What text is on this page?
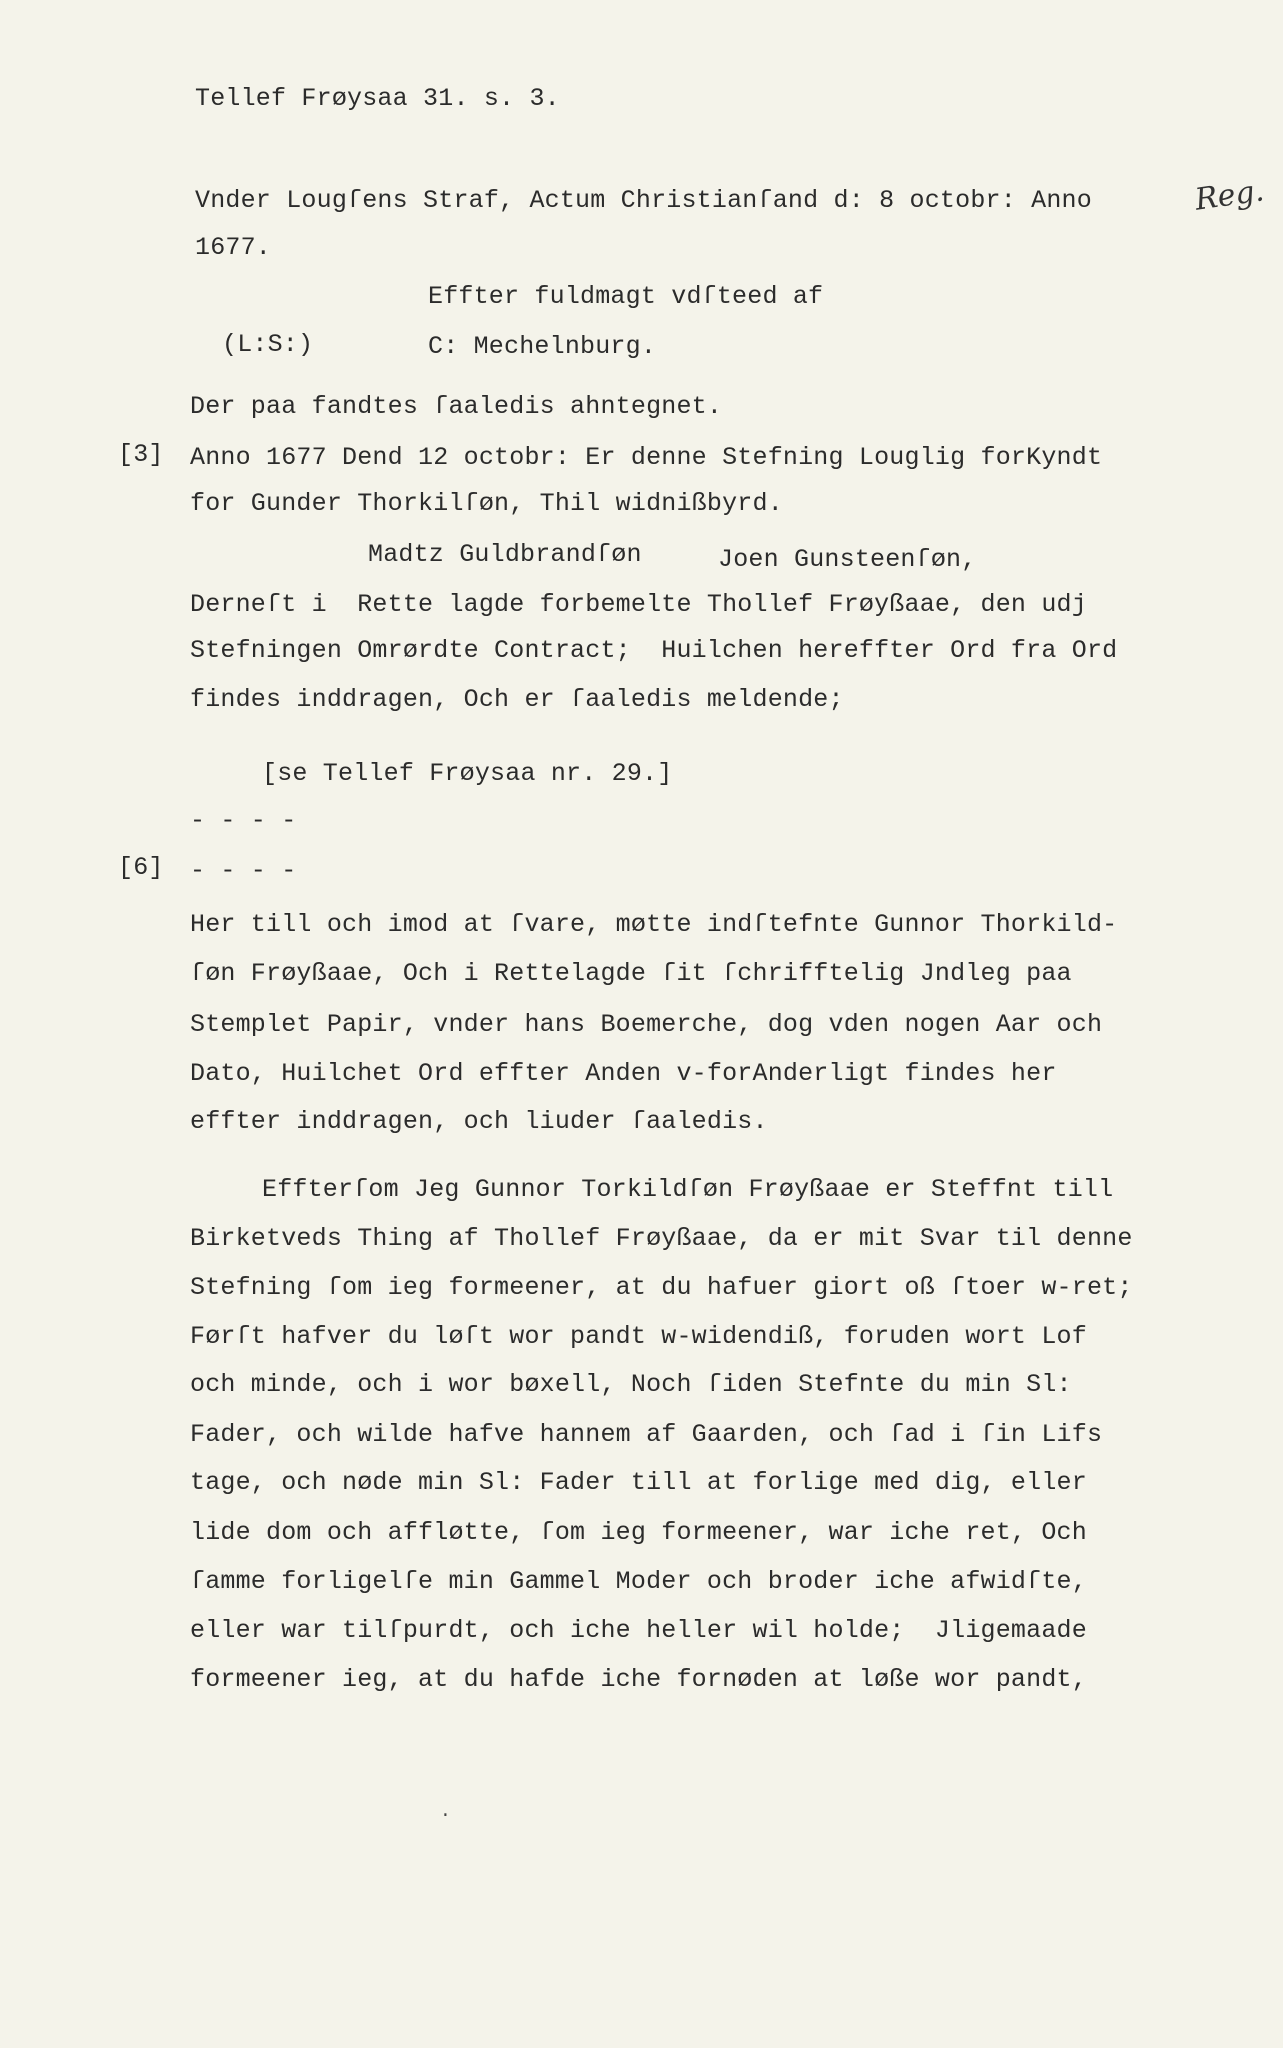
Tellef Frøysaa 31. s. 3.
Reg.
Vnder Lougſens Straf, Actum Christianſand d: 8 octobr: Anno
1677.
Effter fuldmagt vdſteed af
(L:S:)	C: Mechelnburg.
Der paa fandtes ſaaledis ahntegnet.
[3] Anno 1677 Dend 12 octobr: Er denne Stefning Louglig forKyndt
for Gunder Thorkilſøn, Thil widnißbyrd.
Madtz Guldbrandſøn	Joen Gunsteenſøn,
Derneſt i  Rette lagde forbemelte Thollef Frøyßaae, den udj
Stefningen Omrørdte Contract;  Huilchen hereffter Ord fra Ord
findes inddragen, Och er ſaaledis meldende;
[se Tellef Frøysaa nr. 29.]
- - - -
[6] - - - -
Her till och imod at ſvare, møtte indſtefnte Gunnor Thorkild-
ſøn Frøyßaae, Och i Rettelagde ſit ſchrifftelig Jndleg paa
Stemplet Papir, vnder hans Boemerche, dog vden nogen Aar och
Dato, Huilchet Ord effter Anden v-forAnderligt findes her
effter inddragen, och liuder ſaaledis.
Effterſom Jeg Gunnor Torkildſøn Frøyßaae er Steffnt till
Birketveds Thing af Thollef Frøyßaae, da er mit Svar til denne
Stefning ſom ieg formeener, at du hafuer giort oß ſtoer w-ret;
Førſt hafver du løſt wor pandt w-widendiß, foruden wort Lof
och minde, och i wor bøxell, Noch ſiden Stefnte du min Sl:
Fader, och wilde hafve hannem af Gaarden, och ſad i ſin Lifs
tage, och nøde min Sl: Fader till at forlige med dig, eller
lide dom och affløtte, ſom ieg formeener, war iche ret, Och
ſamme forligelſe min Gammel Moder och broder iche afwidſte,
eller war tilſpurdt, och iche heller wil holde;  Jligemaade
formeener ieg, at du hafde iche fornøden at løße wor pandt,
·
